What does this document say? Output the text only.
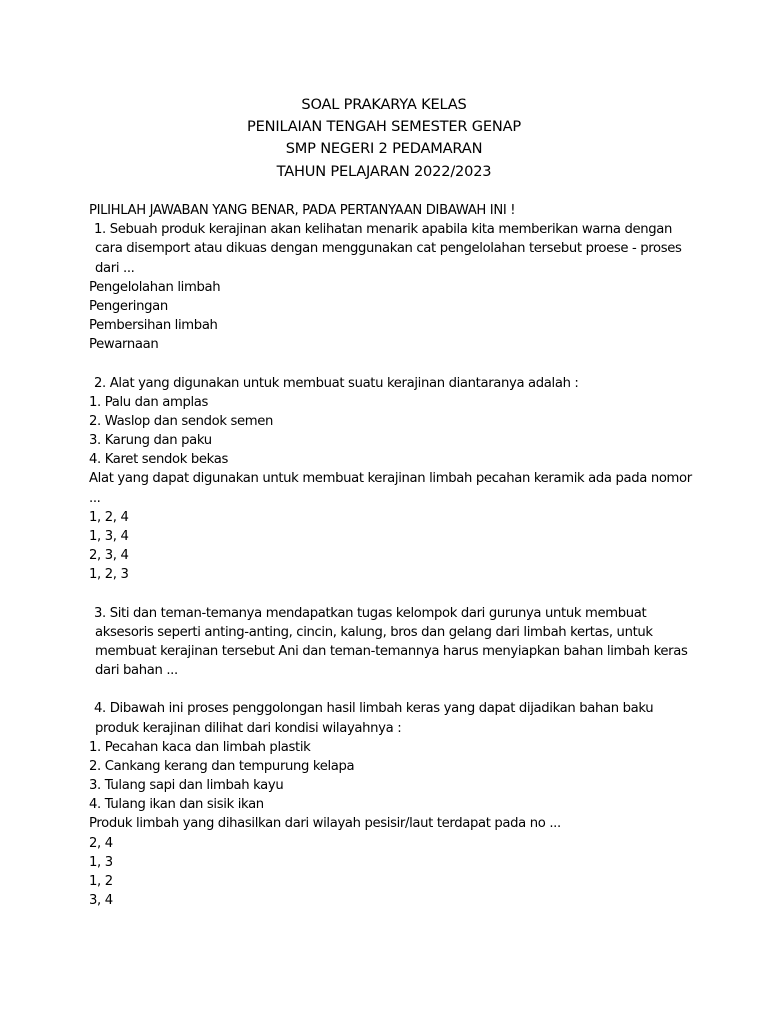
SOAL PRAKARYA KELAS
PENILAIAN TENGAH SEMESTER GENAP
SMP NEGERI 2 PEDAMARAN
TAHUN PELAJARAN 2022/2023
PILIHLAH JAWABAN YANG BENAR, PADA PERTANYAAN DIBAWAH INI !
1. Sebuah produk kerajinan akan kelihatan menarik apabila kita memberikan warna dengan
cara disemport atau dikuas dengan menggunakan cat pengelolahan tersebut proese - proses
dari ...
Pengelolahan limbah
Pengeringan
Pembersihan limbah
Pewarnaan
2. Alat yang digunakan untuk membuat suatu kerajinan diantaranya adalah :
1. Palu dan amplas
2. Waslop dan sendok semen
3. Karung dan paku
4. Karet sendok bekas
Alat yang dapat digunakan untuk membuat kerajinan limbah pecahan keramik ada pada nomor
...
1, 2, 4
1, 3, 4
2, 3, 4
1, 2, 3
3. Siti dan teman-temanya mendapatkan tugas kelompok dari gurunya untuk membuat
aksesoris seperti anting-anting, cincin, kalung, bros dan gelang dari limbah kertas, untuk
membuat kerajinan tersebut Ani dan teman-temannya harus menyiapkan bahan limbah keras
dari bahan ...
4. Dibawah ini proses penggolongan hasil limbah keras yang dapat dijadikan bahan baku
produk kerajinan dilihat dari kondisi wilayahnya :
1. Pecahan kaca dan limbah plastik
2. Cankang kerang dan tempurung kelapa
3. Tulang sapi dan limbah kayu
4. Tulang ikan dan sisik ikan
Produk limbah yang dihasilkan dari wilayah pesisir/laut terdapat pada no ...
2, 4
1, 3
1, 2
3, 4
